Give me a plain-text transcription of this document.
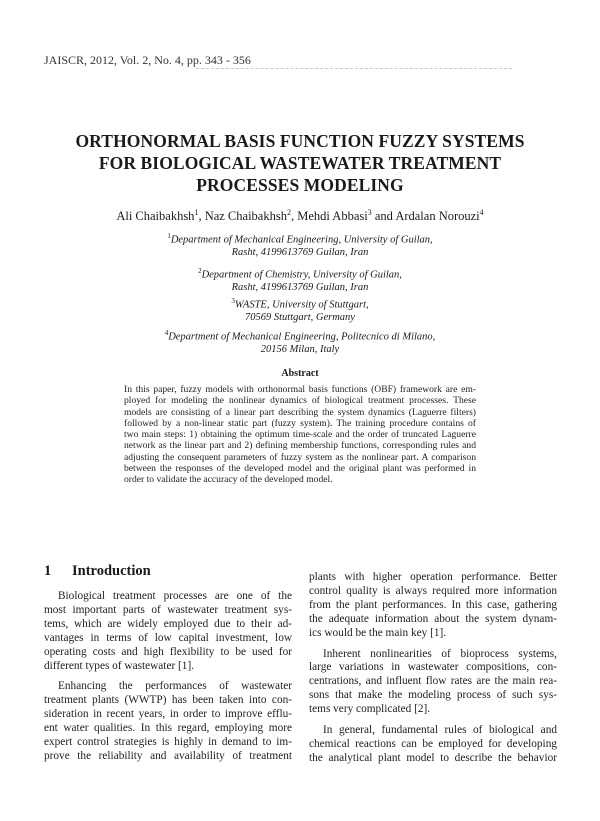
JAISCR, 2012, Vol. 2, No. 4, pp. 343 - 356
ORTHONORMAL BASIS FUNCTION FUZZY SYSTEMS
FOR BIOLOGICAL WASTEWATER TREATMENT
PROCESSES MODELING
Ali Chaibakhsh$^1$, Naz Chaibakhsh$^2$, Mehdi Abbasi$^3$ and Ardalan Norouzi$^4$
$^1$Department of Mechanical Engineering, University of Guilan,
Rasht, 4199613769 Guilan, Iran
$^2$Department of Chemistry, University of Guilan,
Rasht, 4199613769 Guilan, Iran
$^3$WASTE, University of Stuttgart,
70569 Stuttgart, Germany
$^4$Department of Mechanical Engineering, Politecnico di Milano,
20156 Milan, Italy
Abstract
In this paper, fuzzy models with orthonormal basis functions (OBF) framework are em-
ployed for modeling the nonlinear dynamics of biological treatment processes. These
models are consisting of a linear part describing the system dynamics (Laguerre filters)
followed by a non-linear static part (fuzzy system). The training procedure contains of
two main steps: 1) obtaining the optimum time-scale and the order of truncated Laguerre
network as the linear part and 2) defining membership functions, corresponding rules and
adjusting the consequent parameters of fuzzy system as the nonlinear part. A comparison
between the responses of the developed model and the original plant was performed in
order to validate the accuracy of the developed model.
1 Introduction
Biological treatment processes are one of the
most important parts of wastewater treatment sys-
tems, which are widely employed due to their ad-
vantages in terms of low capital investment, low
operating costs and high flexibility to be used for
different types of wastewater [1].
Enhancing the performances of wastewater
treatment plants (WWTP) has been taken into con-
sideration in recent years, in order to improve efflu-
ent water qualities. In this regard, employing more
expert control strategies is highly in demand to im-
prove the reliability and availability of treatment
plants with higher operation performance. Better
control quality is always required more information
from the plant performances. In this case, gathering
the adequate information about the system dynam-
ics would be the main key [1].
Inherent nonlinearities of bioprocess systems,
large variations in wastewater compositions, con-
centrations, and influent flow rates are the main rea-
sons that make the modeling process of such sys-
tems very complicated [2].
In general, fundamental rules of biological and
chemical reactions can be employed for developing
the analytical plant model to describe the behavior
